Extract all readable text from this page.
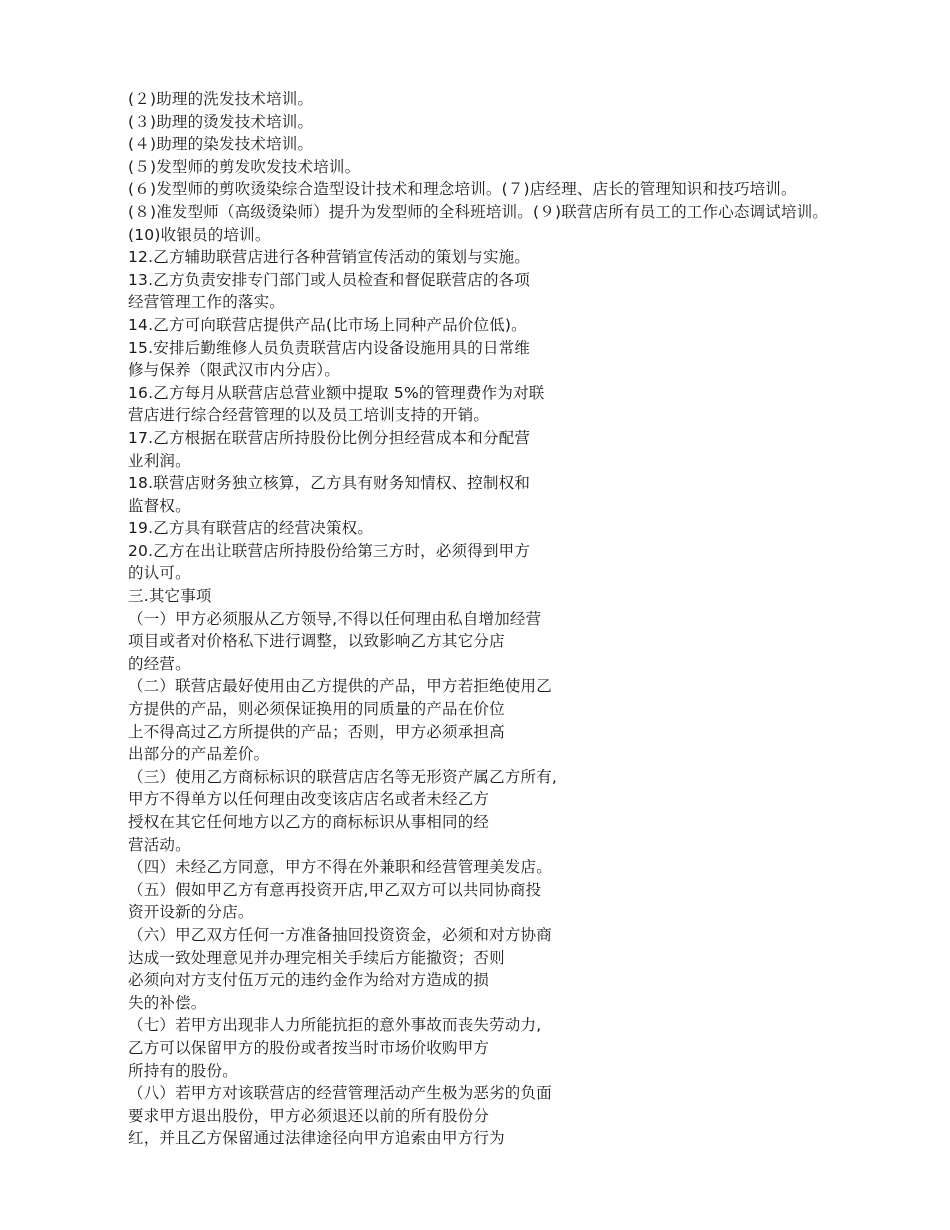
(２)助理的洗发技术培训。
(３)助理的烫发技术培训。
(４)助理的染发技术培训。
(５)发型师的剪发吹发技术培训。
(６)发型师的剪吹烫染综合造型设计技术和理念培训。(７)店经理、店长的管理知识和技巧培训。
(８)准发型师（高级烫染师）提升为发型师的全科班培训。(９)联营店所有员工的工作心态调试培训。
(10)收银员的培训。
12.乙方辅助联营店进行各种营销宣传活动的策划与实施。
13.乙方负责安排专门部门或人员检查和督促联营店的各项
经营管理工作的落实。
14.乙方可向联营店提供产品(比市场上同种产品价位低)。
15.安排后勤维修人员负责联营店内设备设施用具的日常维
修与保养（限武汉市内分店）。
16.乙方每月从联营店总营业额中提取 5%的管理费作为对联
营店进行综合经营管理的以及员工培训支持的开销。
17.乙方根据在联营店所持股份比例分担经营成本和分配营
业利润。
18.联营店财务独立核算，乙方具有财务知情权、控制权和
监督权。
19.乙方具有联营店的经营决策权。
20.乙方在出让联营店所持股份给第三方时，必须得到甲方
的认可。
三.其它事项
（一）甲方必须服从乙方领导,不得以任何理由私自增加经营
项目或者对价格私下进行调整，以致影响乙方其它分店
的经营。
（二）联营店最好使用由乙方提供的产品，甲方若拒绝使用乙
方提供的产品，则必须保证换用的同质量的产品在价位
上不得高过乙方所提供的产品；否则，甲方必须承担高
出部分的产品差价。
（三）使用乙方商标标识的联营店店名等无形资产属乙方所有,
甲方不得单方以任何理由改变该店店名或者未经乙方
授权在其它任何地方以乙方的商标标识从事相同的经
营活动。
（四）未经乙方同意，甲方不得在外兼职和经营管理美发店。
（五）假如甲乙方有意再投资开店,甲乙双方可以共同协商投
资开设新的分店。
（六）甲乙双方任何一方准备抽回投资资金，必须和对方协商
达成一致处理意见并办理完相关手续后方能撤资；否则
必须向对方支付伍万元的违约金作为给对方造成的损
失的补偿。
（七）若甲方出现非人力所能抗拒的意外事故而丧失劳动力,
乙方可以保留甲方的股份或者按当时市场价收购甲方
所持有的股份。
（八）若甲方对该联营店的经营管理活动产生极为恶劣的负面
要求甲方退出股份，甲方必须退还以前的所有股份分
红，并且乙方保留通过法律途径向甲方追索由甲方行为
